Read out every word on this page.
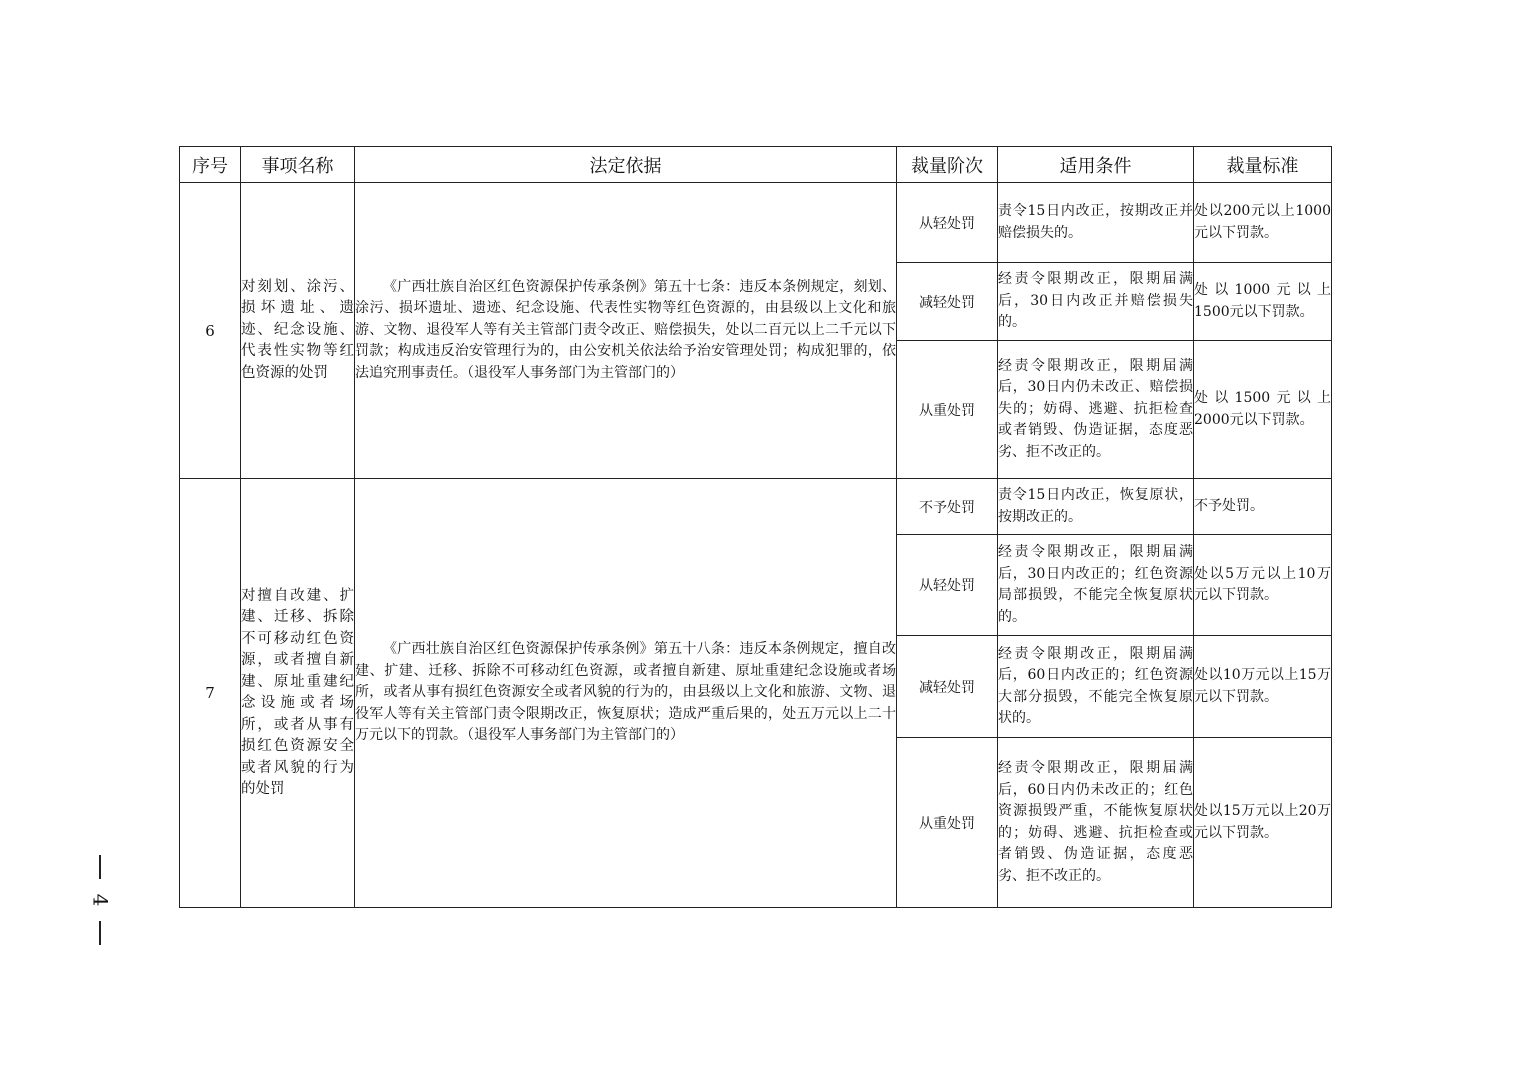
序号	事项名称	法定依据	裁量阶次	适用条件	裁量标准
6	对刻划、涂污、损坏遗址、遗迹、纪念设施、代表性实物等红色资源的处罚	《广西壮族自治区红色资源保护传承条例》第五十七条：违反本条例规定，刻划、涂污、损坏遗址、遗迹、纪念设施、代表性实物等红色资源的，由县级以上文化和旅游、文物、退役军人等有关主管部门责令改正、赔偿损失，处以二百元以上二千元以下罚款；构成违反治安管理行为的，由公安机关依法给予治安管理处罚；构成犯罪的，依法追究刑事责任。（退役军人事务部门为主管部门的）	从轻处罚	责令15日内改正，按期改正并赔偿损失的。	处以200元以上1000元以下罚款。
			减轻处罚	经责令限期改正，限期届满后，30日内改正并赔偿损失的。	处以1000元以上1500元以下罚款。
			从重处罚	经责令限期改正，限期届满后，30日内仍未改正、赔偿损失的；妨碍、逃避、抗拒检查或者销毁、伪造证据，态度恶劣、拒不改正的。	处以1500元以上2000元以下罚款。
7	对擅自改建、扩建、迁移、拆除不可移动红色资源，或者擅自新建、原址重建纪念设施或者场所，或者从事有损红色资源安全或者风貌的行为的处罚	《广西壮族自治区红色资源保护传承条例》第五十八条：违反本条例规定，擅自改建、扩建、迁移、拆除不可移动红色资源，或者擅自新建、原址重建纪念设施或者场所，或者从事有损红色资源安全或者风貌的行为的，由县级以上文化和旅游、文物、退役军人等有关主管部门责令限期改正，恢复原状；造成严重后果的，处五万元以上二十万元以下的罚款。（退役军人事务部门为主管部门的）	不予处罚	责令15日内改正，恢复原状，按期改正的。	不予处罚。
			从轻处罚	经责令限期改正，限期届满后，30日内改正的；红色资源局部损毁，不能完全恢复原状的。	处以5万元以上10万元以下罚款。
			减轻处罚	经责令限期改正，限期届满后，60日内改正的；红色资源大部分损毁，不能完全恢复原状的。	处以10万元以上15万元以下罚款。
			从重处罚	经责令限期改正，限期届满后，60日内仍未改正的；红色资源损毁严重，不能恢复原状的；妨碍、逃避、抗拒检查或者销毁、伪造证据，态度恶劣、拒不改正的。	处以15万元以上20万元以下罚款。
4
